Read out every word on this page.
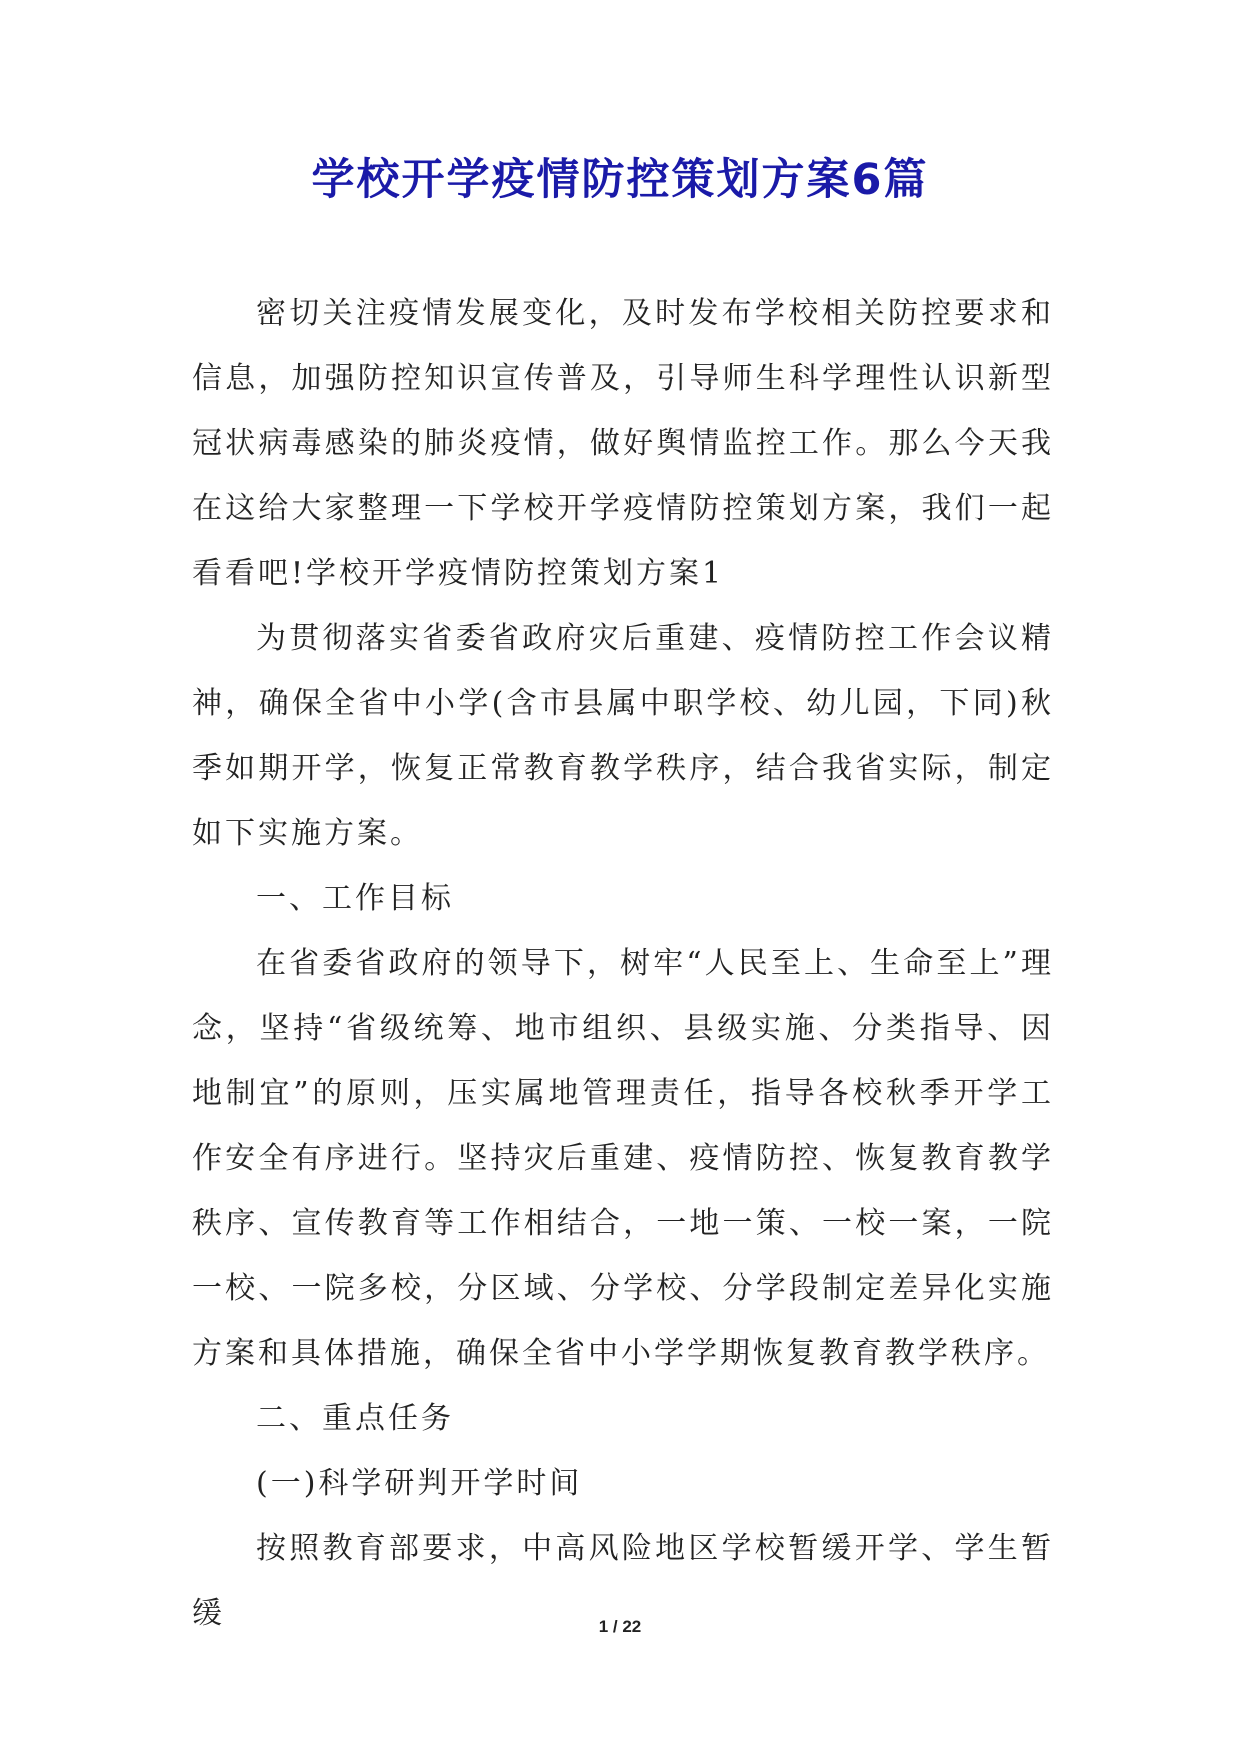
学校开学疫情防控策划方案6篇

密切关注疫情发展变化，及时发布学校相关防控要求和信息，加强防控知识宣传普及，引导师生科学理性认识新型冠状病毒感染的肺炎疫情，做好舆情监控工作。那么今天我在这给大家整理一下学校开学疫情防控策划方案，我们一起看看吧!学校开学疫情防控策划方案1

为贯彻落实省委省政府灾后重建、疫情防控工作会议精神，确保全省中小学(含市县属中职学校、幼儿园，下同)秋季如期开学，恢复正常教育教学秩序，结合我省实际，制定如下实施方案。

一、工作目标

在省委省政府的领导下，树牢“人民至上、生命至上”理念，坚持“省级统筹、地市组织、县级实施、分类指导、因地制宜”的原则，压实属地管理责任，指导各校秋季开学工作安全有序进行。坚持灾后重建、疫情防控、恢复教育教学秩序、宣传教育等工作相结合，一地一策、一校一案，一院一校、一院多校，分区域、分学校、分学段制定差异化实施方案和具体措施，确保全省中小学学期恢复教育教学秩序。

二、重点任务

(一)科学研判开学时间

按照教育部要求，中高风险地区学校暂缓开学、学生暂缓	1 / 22
